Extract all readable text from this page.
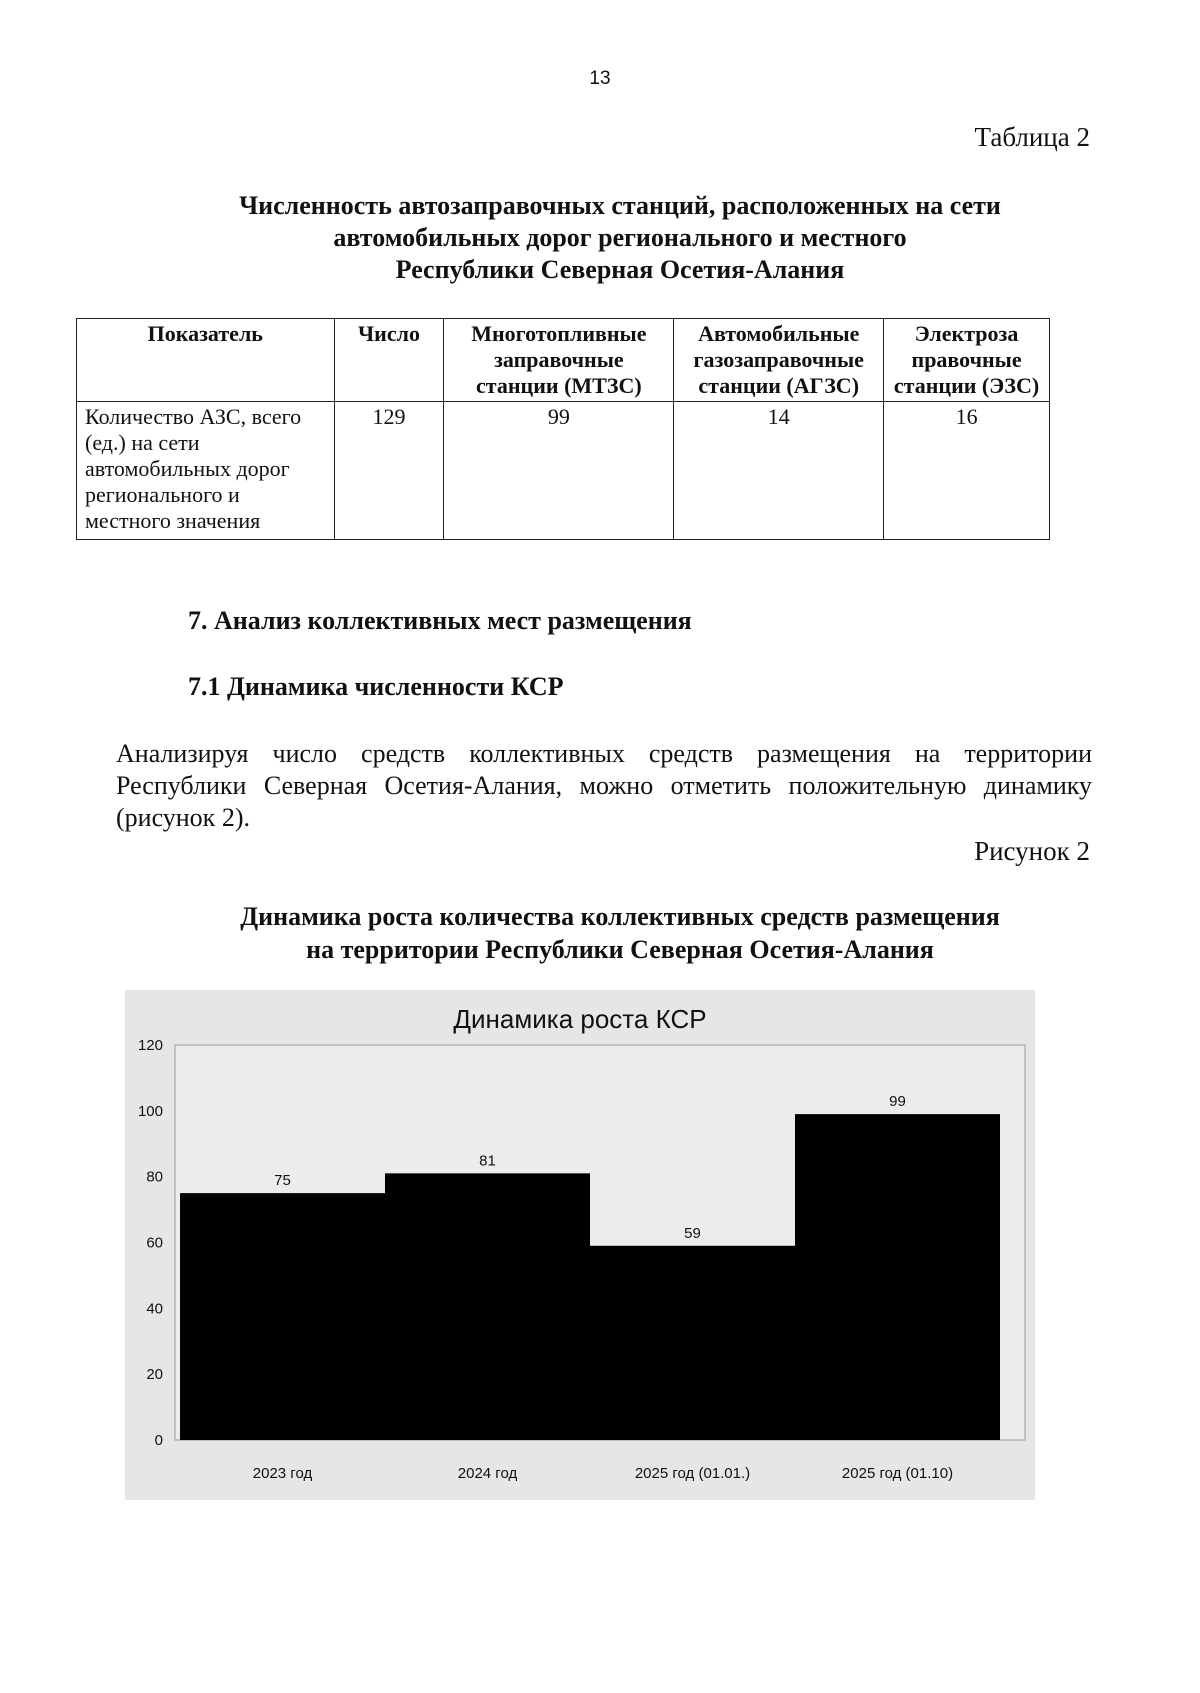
13
Таблица 2
Численность автозаправочных станций, расположенных на сети
автомобильных дорог регионального и местного
Республики Северная Осетия-Алания
Показатель	Число	Многотопливные заправочные станции (МТЗС)	Автомобильные газозаправочные станции (АГЗС)	Электроза правочные станции (ЭЗС)
Количество АЗС, всего (ед.) на сети автомобильных дорог регионального и местного значения	129	99	14	16
7. Анализ коллективных мест размещения
7.1 Динамика численности КСР
Анализируя число средств коллективных средств размещения на территории Республики Северная Осетия-Алания, можно отметить положительную динамику (рисунок 2).
Рисунок 2
Динамика роста количества коллективных средств размещения
на территории Республики Северная Осетия-Алания
Динамика роста КСР
0
20
40
60
80
100
120
75
2023 год
81
2024 год
59
2025 год (01.01.)
99
2025 год (01.10)
